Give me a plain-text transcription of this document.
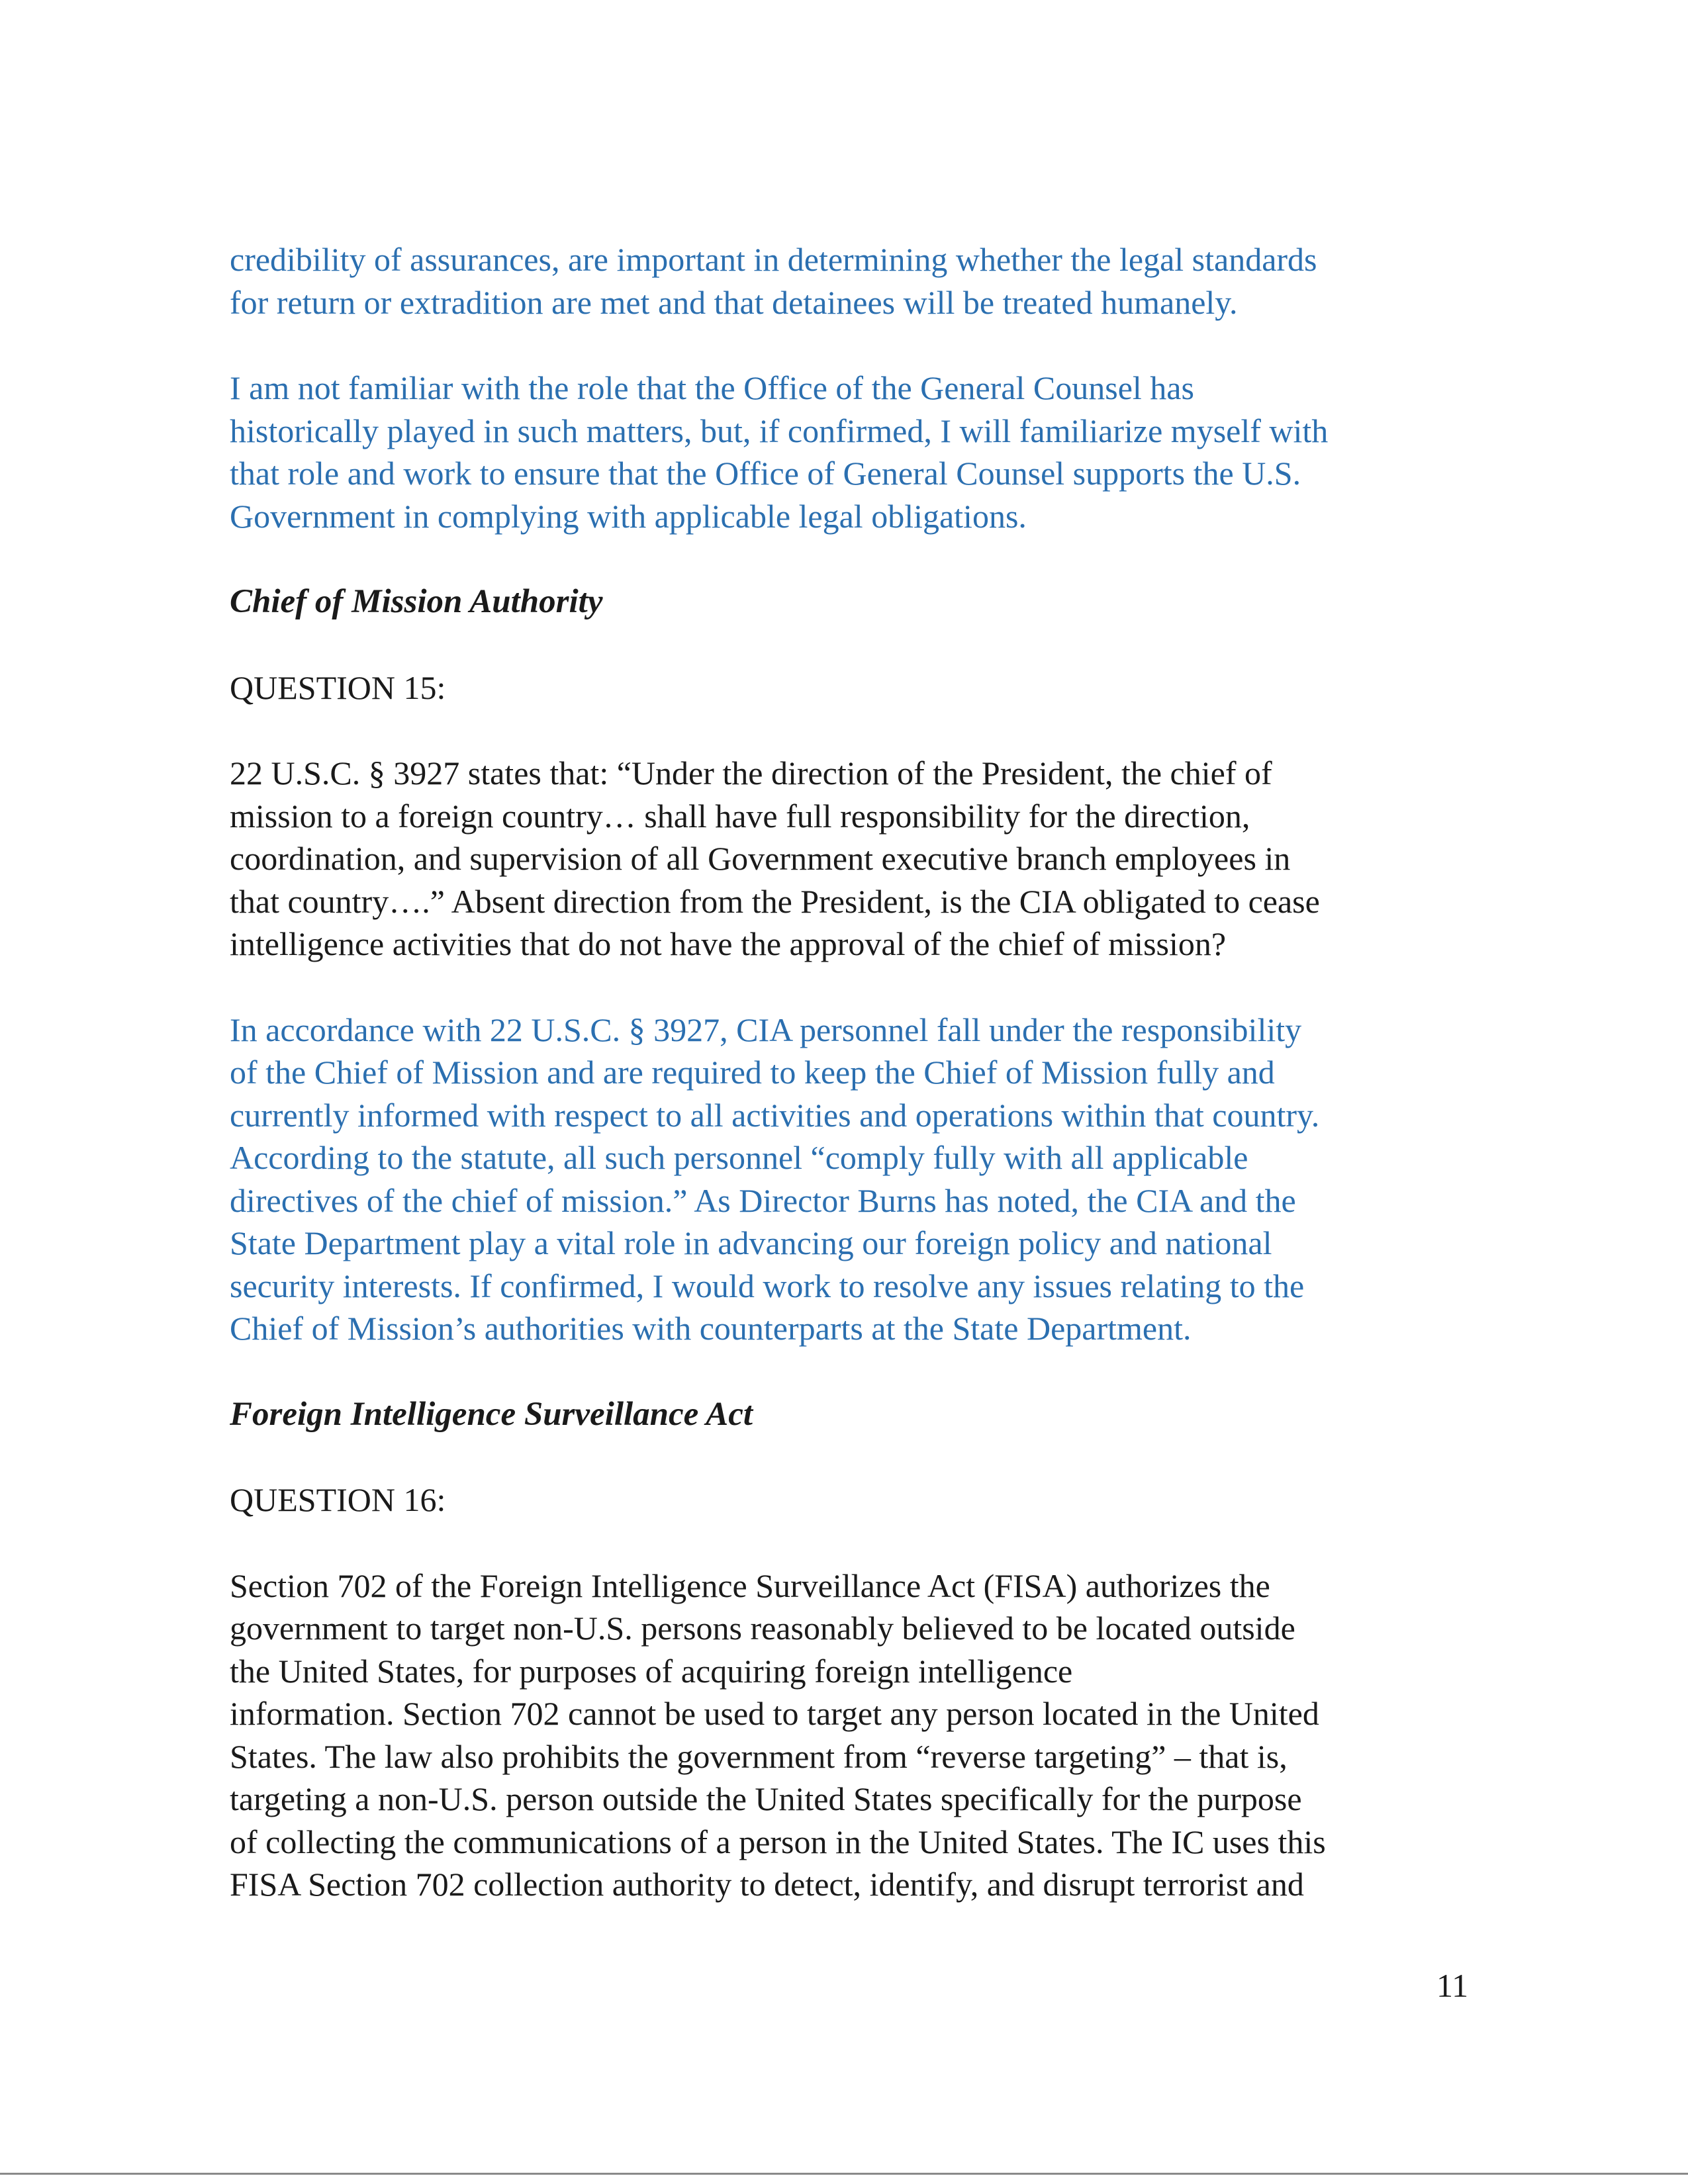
credibility of assurances, are important in determining whether the legal standards
for return or extradition are met and that detainees will be treated humanely.

I am not familiar with the role that the Office of the General Counsel has
historically played in such matters, but, if confirmed, I will familiarize myself with
that role and work to ensure that the Office of General Counsel supports the U.S.
Government in complying with applicable legal obligations.

Chief of Mission Authority

QUESTION 15:

22 U.S.C. § 3927 states that: “Under the direction of the President, the chief of
mission to a foreign country… shall have full responsibility for the direction,
coordination, and supervision of all Government executive branch employees in
that country….” Absent direction from the President, is the CIA obligated to cease
intelligence activities that do not have the approval of the chief of mission?

In accordance with 22 U.S.C. § 3927, CIA personnel fall under the responsibility
of the Chief of Mission and are required to keep the Chief of Mission fully and
currently informed with respect to all activities and operations within that country.
According to the statute, all such personnel “comply fully with all applicable
directives of the chief of mission.” As Director Burns has noted, the CIA and the
State Department play a vital role in advancing our foreign policy and national
security interests. If confirmed, I would work to resolve any issues relating to the
Chief of Mission’s authorities with counterparts at the State Department.

Foreign Intelligence Surveillance Act

QUESTION 16:

Section 702 of the Foreign Intelligence Surveillance Act (FISA) authorizes the
government to target non-U.S. persons reasonably believed to be located outside
the United States, for purposes of acquiring foreign intelligence
information. Section 702 cannot be used to target any person located in the United
States. The law also prohibits the government from “reverse targeting” – that is,
targeting a non-U.S. person outside the United States specifically for the purpose
of collecting the communications of a person in the United States. The IC uses this
FISA Section 702 collection authority to detect, identify, and disrupt terrorist and

11
